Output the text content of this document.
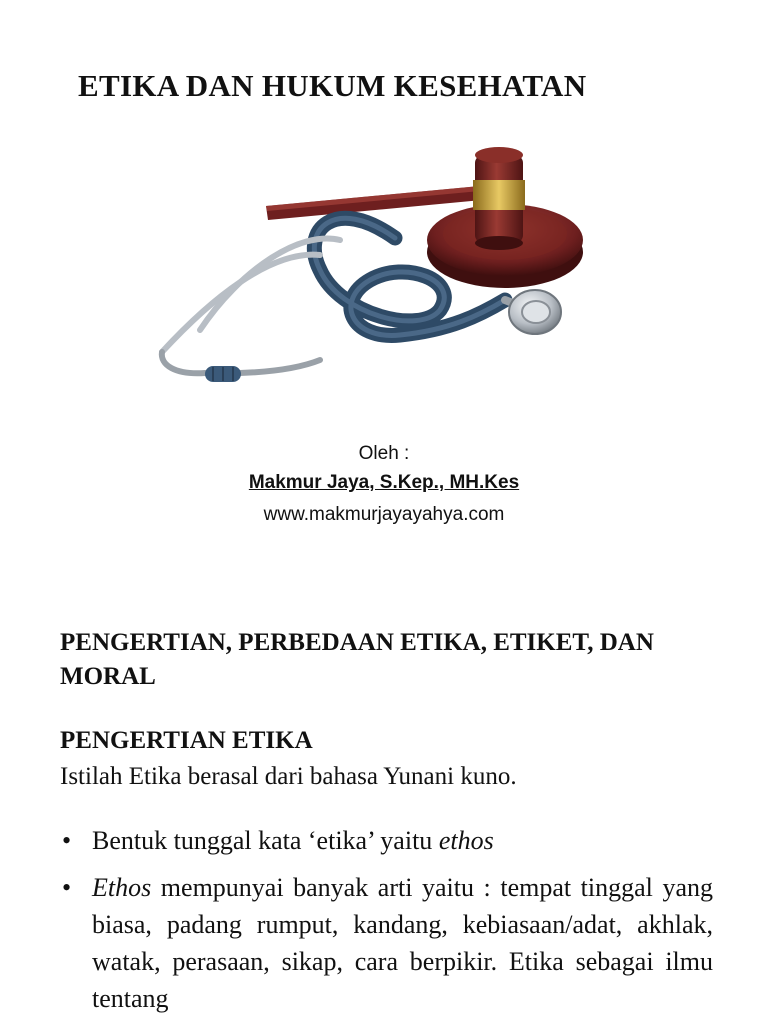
ETIKA DAN HUKUM KESEHATAN
Oleh :
Makmur Jaya, S.Kep., MH.Kes
www.makmurjayayahya.com
PENGERTIAN, PERBEDAAN ETIKA, ETIKET, DAN MORAL
PENGERTIAN ETIKA
Istilah Etika berasal dari bahasa Yunani kuno.
• Bentuk tunggal kata ‘etika’ yaitu ethos
• Ethos mempunyai banyak arti yaitu : tempat tinggal yang biasa, padang rumput, kandang, kebiasaan/adat, akhlak, watak, perasaan, sikap, cara berpikir. Etika sebagai ilmu tentang
